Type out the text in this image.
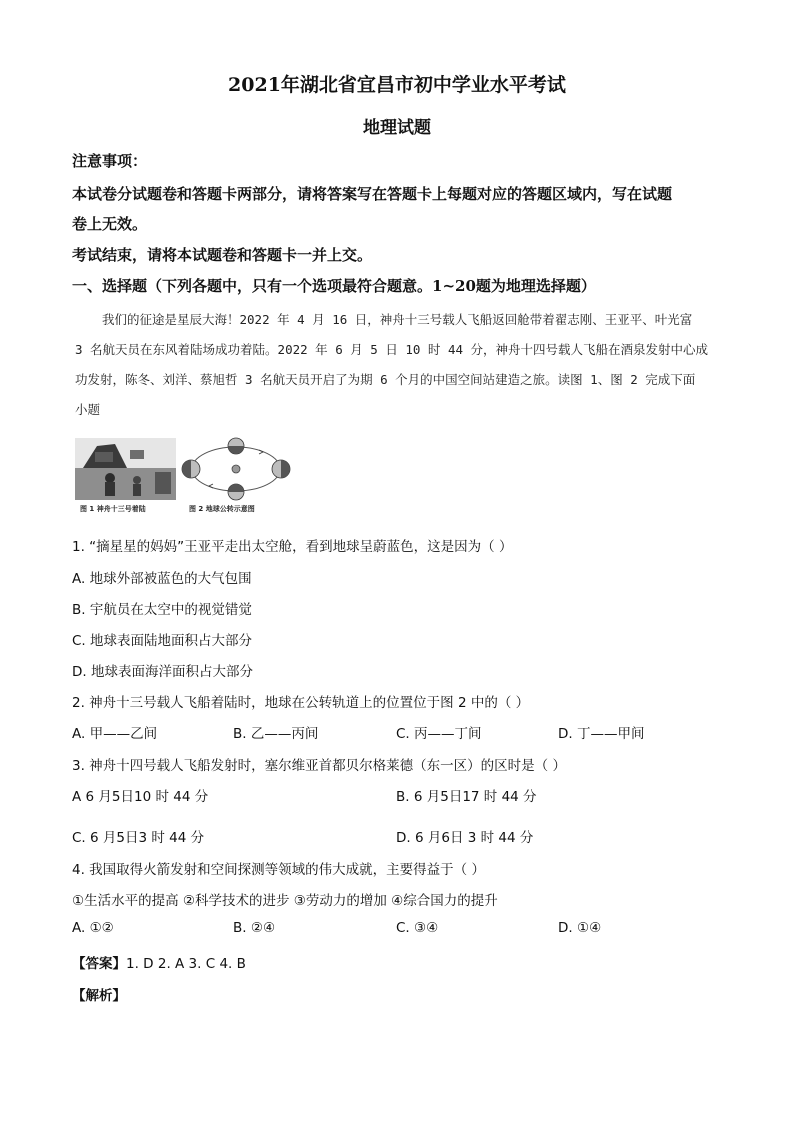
2021年湖北省宜昌市初中学业水平考试
地理试题
注意事项：
本试卷分试题卷和答题卡两部分，请将答案写在答题卡上每题对应的答题区域内，写在试题
卷上无效。
考试结束，请将本试题卷和答题卡一并上交。
一、选择题（下列各题中，只有一个选项最符合题意。1~20题为地理选择题）
我们的征途是星辰大海！2022 年 4 月 16 日，神舟十三号载人飞船返回舱带着翟志刚、王亚平、叶光富
3 名航天员在东风着陆场成功着陆。2022 年 6 月 5 日 10 时 44 分，神舟十四号载人飞船在酒泉发射中心成
功发射，陈冬、刘洋、蔡旭哲 3 名航天员开启了为期 6 个月的中国空间站建造之旅。读图 1、图 2 完成下面
小题
图 1 神舟十三号着陆	图 2 地球公转示意图
1. “摘星星的妈妈”王亚平走出太空舱，看到地球呈蔚蓝色，这是因为（ ）
A. 地球外部被蓝色的大气包围
B. 宇航员在太空中的视觉错觉
C. 地球表面陆地面积占大部分
D. 地球表面海洋面积占大部分
2. 神舟十三号载人飞船着陆时，地球在公转轨道上的位置位于图 2 中的（ ）
A. 甲——乙间	B. 乙——丙间	C. 丙——丁间	D. 丁——甲间
3. 神舟十四号载人飞船发射时，塞尔维亚首都贝尔格莱德（东一区）的区时是（ ）
A 6 月5日10 时 44 分	B. 6 月5日17 时 44 分
C. 6 月5日3 时 44 分	D. 6 月6日 3 时 44 分
4. 我国取得火箭发射和空间探测等领域的伟大成就，主要得益于（ ）
①生活水平的提高 ②科学技术的进步 ③劳动力的增加 ④综合国力的提升
A. ①②	B. ②④	C. ③④	D. ①④
【答案】1. D 2. A 3. C 4. B
【解析】
